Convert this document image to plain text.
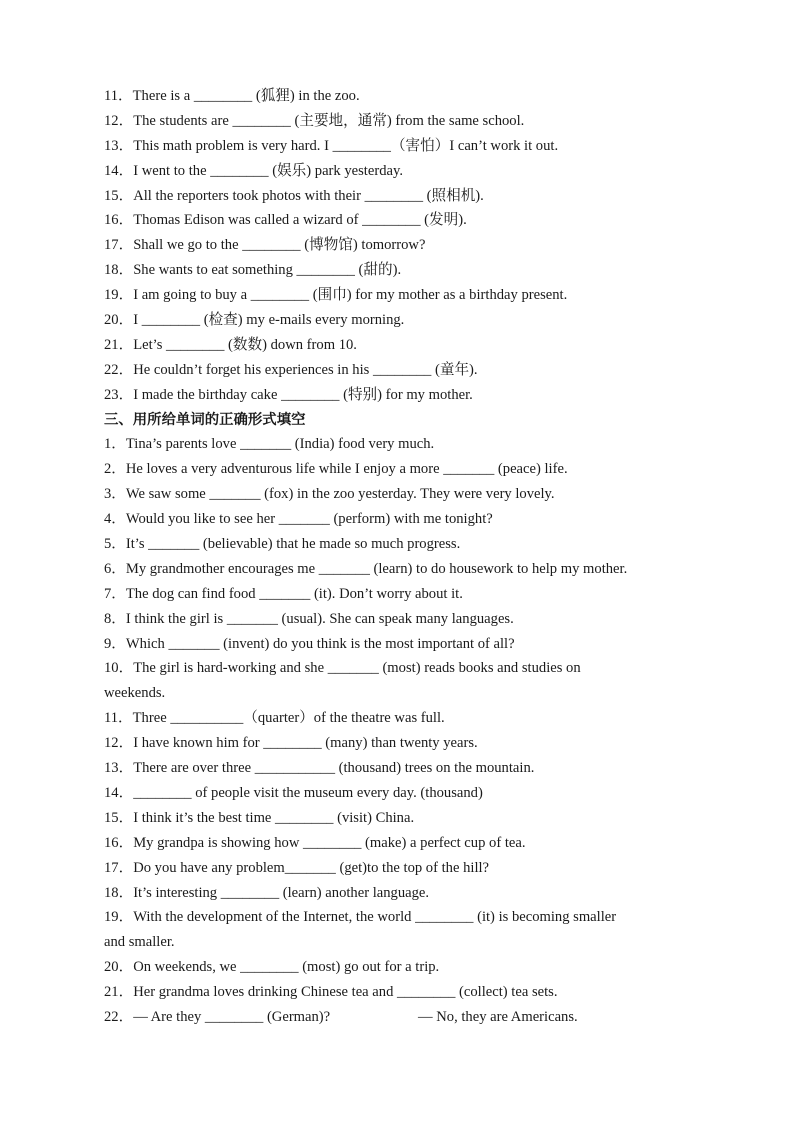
11．There is a ________ (狐狸) in the zoo.
12．The students are ________ (主要地，通常) from the same school.
13．This math problem is very hard. I ________（害怕）I can’t work it out.
14．I went to the ________ (娱乐) park yesterday.
15．All the reporters took photos with their ________ (照相机).
16．Thomas Edison was called a wizard of ________ (发明).
17．Shall we go to the ________ (博物馆) tomorrow?
18．She wants to eat something ________ (甜的).
19．I am going to buy a ________ (围巾) for my mother as a birthday present.
20．I ________ (检查) my e-mails every morning.
21．Let’s ________ (数数) down from 10.
22．He couldn’t forget his experiences in his ________ (童年).
23．I made the birthday cake ________ (特别) for my mother.
三、用所给单词的正确形式填空
1．Tina’s parents love _______ (India) food very much.
2．He loves a very adventurous life while I enjoy a more _______ (peace) life.
3．We saw some _______ (fox) in the zoo yesterday. They were very lovely.
4．Would you like to see her _______ (perform) with me tonight?
5．It’s _______ (believable) that he made so much progress.
6．My grandmother encourages me _______ (learn) to do housework to help my mother.
7．The dog can find food _______ (it). Don’t worry about it.
8．I think the girl is _______ (usual). She can speak many languages.
9．Which _______ (invent) do you think is the most important of all?
10．The girl is hard-working and she _______ (most) reads books and studies on
weekends.
11．Three __________（quarter）of the theatre was full.
12．I have known him for ________ (many) than twenty years.
13．There are over three ___________ (thousand) trees on the mountain.
14．________ of people visit the museum every day. (thousand)
15．I think it’s the best time ________ (visit) China.
16．My grandpa is showing how ________ (make) a perfect cup of tea.
17．Do you have any problem_______ (get)to the top of the hill?
18．It’s interesting ________ (learn) another language.
19．With the development of the Internet, the world ________ (it) is becoming smaller
and smaller.
20．On weekends, we ________ (most) go out for a trip.
21．Her grandma loves drinking Chinese tea and ________ (collect) tea sets.
22．— Are they ________ (German)?	— No, they are Americans.
